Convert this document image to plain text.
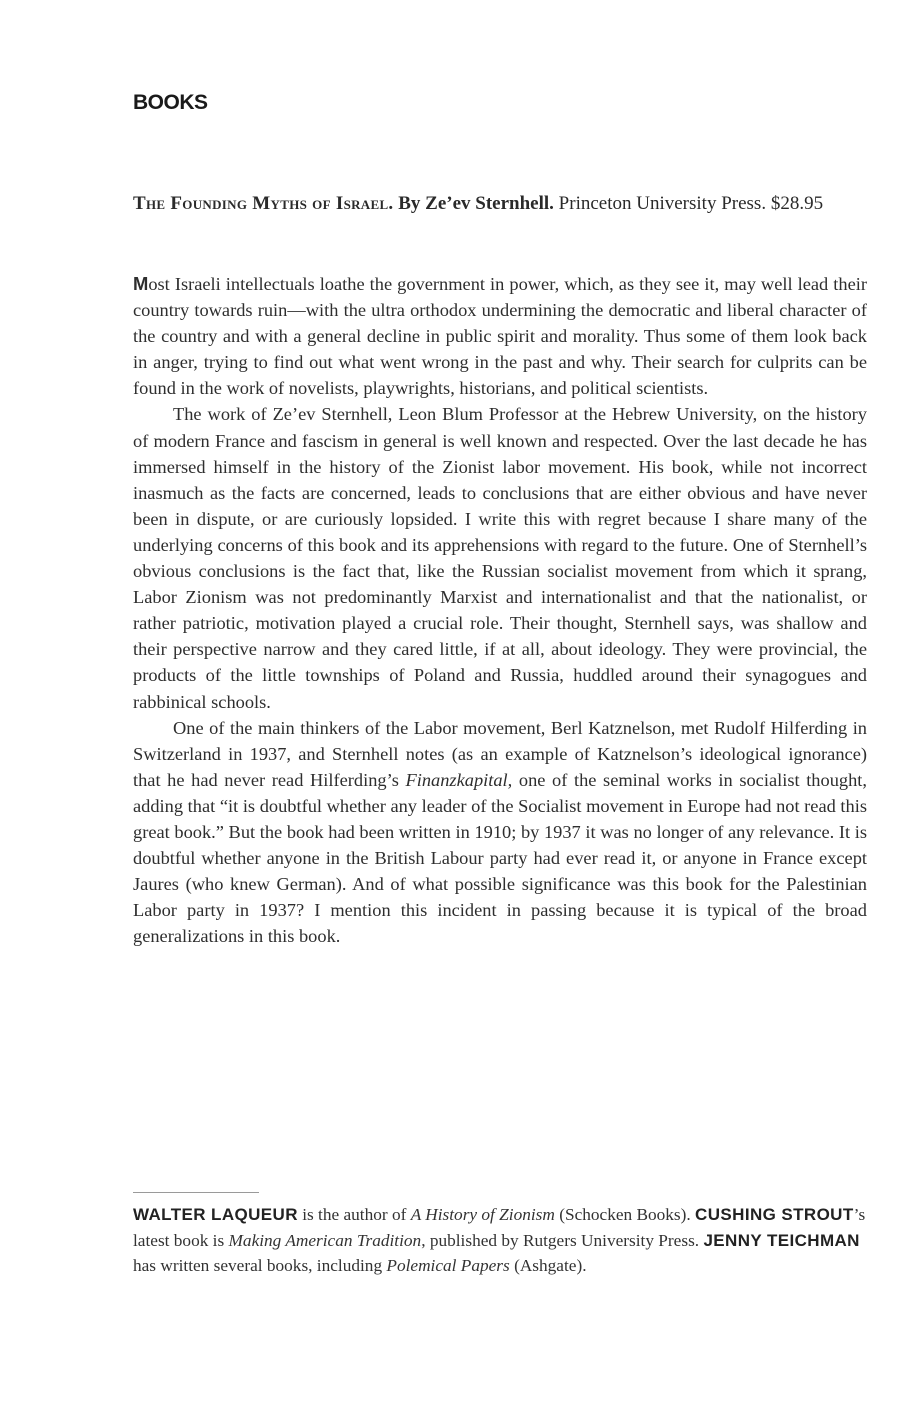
BOOKS

The Founding Myths of Israel. By Ze’ev Sternhell. Princeton University Press. $28.95

Most Israeli intellectuals loathe the government in power, which, as they see it, may well lead their country towards ruin—with the ultra orthodox undermining the democratic and liberal character of the country and with a general decline in public spirit and morality. Thus some of them look back in anger, trying to find out what went wrong in the past and why. Their search for culprits can be found in the work of novelists, playwrights, historians, and political scientists.

The work of Ze’ev Sternhell, Leon Blum Professor at the Hebrew University, on the history of modern France and fascism in general is well known and respected. Over the last decade he has immersed himself in the history of the Zionist labor movement. His book, while not incorrect inasmuch as the facts are concerned, leads to conclusions that are either obvious and have never been in dispute, or are curiously lopsided. I write this with regret because I share many of the underlying concerns of this book and its apprehensions with regard to the future. One of Sternhell’s obvious conclusions is the fact that, like the Russian socialist movement from which it sprang, Labor Zionism was not predominantly Marxist and internationalist and that the nationalist, or rather patriotic, motivation played a crucial role. Their thought, Sternhell says, was shallow and their perspective narrow and they cared little, if at all, about ideology. They were provincial, the products of the little townships of Poland and Russia, huddled around their synagogues and rabbinical schools.

One of the main thinkers of the Labor movement, Berl Katznelson, met Rudolf Hilferding in Switzerland in 1937, and Sternhell notes (as an example of Katznelson’s ideological ignorance) that he had never read Hilferding’s Finanzkapital, one of the seminal works in socialist thought, adding that “it is doubtful whether any leader of the Socialist movement in Europe had not read this great book.” But the book had been written in 1910; by 1937 it was no longer of any relevance. It is doubtful whether anyone in the British Labour party had ever read it, or anyone in France except Jaures (who knew German). And of what possible significance was this book for the Palestinian Labor party in 1937? I mention this incident in passing because it is typical of the broad generalizations in this book.

WALTER LAQUEUR is the author of A History of Zionism (Schocken Books). CUSHING STROUT’s latest book is Making American Tradition, published by Rutgers University Press. JENNY TEICHMAN has written several books, including Polemical Papers (Ashgate).
